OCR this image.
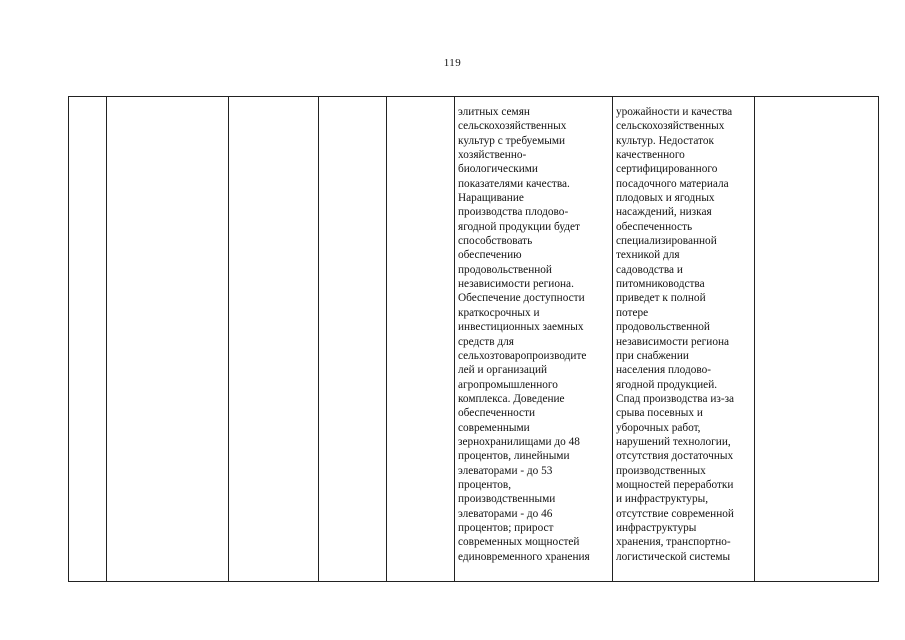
119

элитных семян
сельскохозяйственных
культур с требуемыми
хозяйственно-
биологическими
показателями качества.
Наращивание
производства плодово-
ягодной продукции будет
способствовать
обеспечению
продовольственной
независимости региона.
Обеспечение доступности
краткосрочных и
инвестиционных заемных
средств для
сельхозтоваропроизводите
лей и организаций
агропромышленного
комплекса. Доведение
обеспеченности
современными
зернохранилищами до 48
процентов, линейными
элеваторами - до 53
процентов,
производственными
элеваторами - до 46
процентов; прирост
современных мощностей
единовременного хранения

урожайности и качества
сельскохозяйственных
культур. Недостаток
качественного
сертифицированного
посадочного материала
плодовых и ягодных
насаждений, низкая
обеспеченность
специализированной
техникой для
садоводства и
питомниководства
приведет к полной
потере
продовольственной
независимости региона
при снабжении
населения плодово-
ягодной продукцией.
Спад производства из-за
срыва посевных и
уборочных работ,
нарушений технологии,
отсутствия достаточных
производственных
мощностей переработки
и инфраструктуры,
отсутствие современной
инфраструктуры
хранения, транспортно-
логистической системы
